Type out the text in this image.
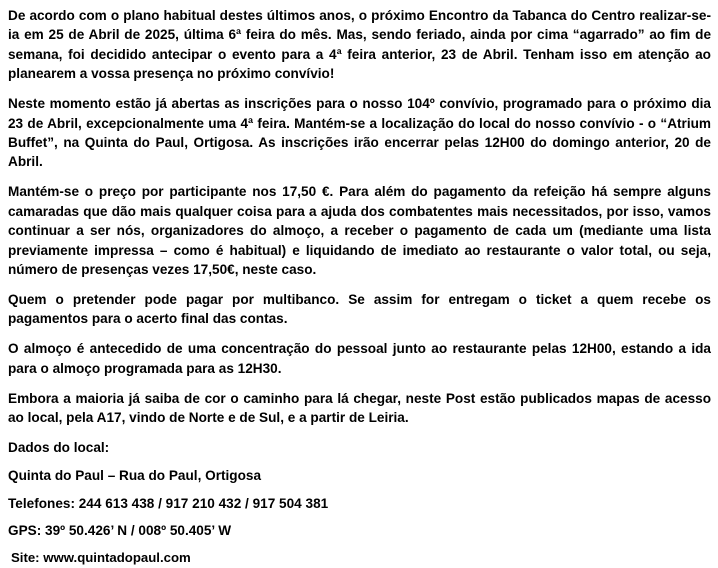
De acordo com o plano habitual destes últimos anos, o próximo Encontro da Tabanca do Centro realizar-se-ia em 25 de Abril de 2025, última 6ª feira do mês. Mas, sendo feriado, ainda por cima “agarrado” ao fim de semana, foi decidido antecipar o evento para a 4ª feira anterior, 23 de Abril. Tenham isso em atenção ao planearem a vossa presença no próximo convívio!

Neste momento estão já abertas as inscrições para o nosso 104º convívio, programado para o próximo dia 23 de Abril, excepcionalmente uma 4ª feira. Mantém-se a localização do local do nosso convívio - o “Atrium Buffet”, na Quinta do Paul, Ortigosa. As inscrições irão encerrar pelas 12H00 do domingo anterior, 20 de Abril.

Mantém-se o preço por participante nos 17,50 €. Para além do pagamento da refeição há sempre alguns camaradas que dão mais qualquer coisa para a ajuda dos combatentes mais necessitados, por isso, vamos continuar a ser nós, organizadores do almoço, a receber o pagamento de cada um (mediante uma lista previamente impressa – como é habitual) e liquidando de imediato ao restaurante o valor total, ou seja, número de presenças vezes 17,50€, neste caso.

Quem o pretender pode pagar por multibanco. Se assim for entregam o ticket a quem recebe os pagamentos para o acerto final das contas.

O almoço é antecedido de uma concentração do pessoal junto ao restaurante pelas 12H00, estando a ida para o almoço programada para as 12H30.

Embora a maioria já saiba de cor o caminho para lá chegar, neste Post estão publicados mapas de acesso ao local, pela A17, vindo de Norte e de Sul, e a partir de Leiria.

Dados do local:

Quinta do Paul – Rua do Paul, Ortigosa

Telefones: 244 613 438 / 917 210 432 / 917 504 381

GPS: 39º 50.426’ N / 008º 50.405’ W

Site: www.quintadopaul.com
